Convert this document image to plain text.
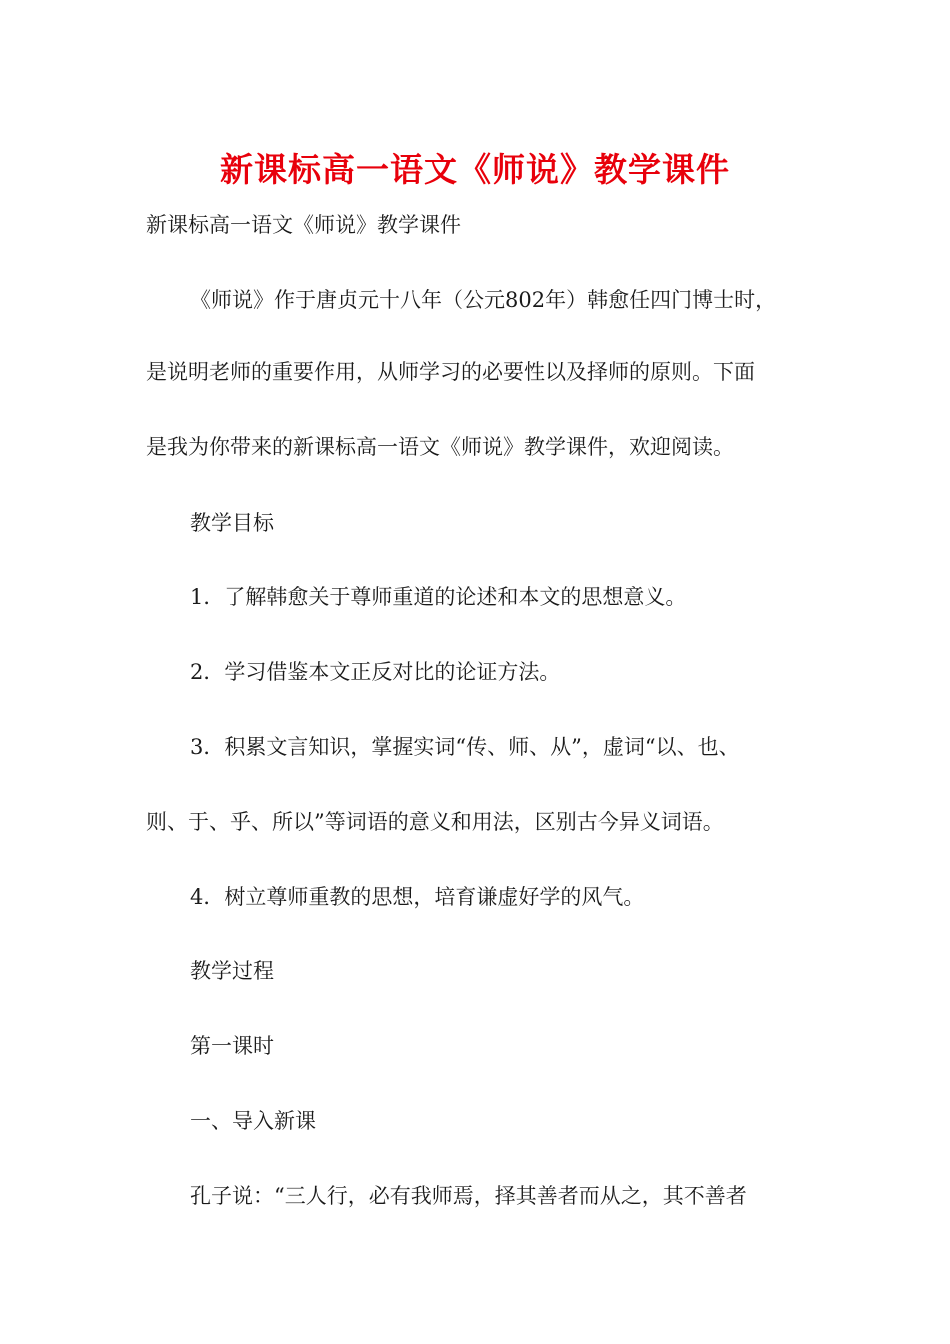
新课标高一语文《师说》教学课件
新课标高一语文《师说》教学课件
《师说》作于唐贞元十八年（公元802年）韩愈任四门博士时，
是说明老师的重要作用，从师学习的必要性以及择师的原则。下面
是我为你带来的新课标高一语文《师说》教学课件，欢迎阅读。
教学目标
1．了解韩愈关于尊师重道的论述和本文的思想意义。
2．学习借鉴本文正反对比的论证方法。
3．积累文言知识，掌握实词“传、师、从”，虚词“以、也、
则、于、乎、所以”等词语的意义和用法，区别古今异义词语。
4．树立尊师重教的思想，培育谦虚好学的风气。
教学过程
第一课时
一、导入新课
孔子说：“三人行，必有我师焉，择其善者而从之，其不善者
